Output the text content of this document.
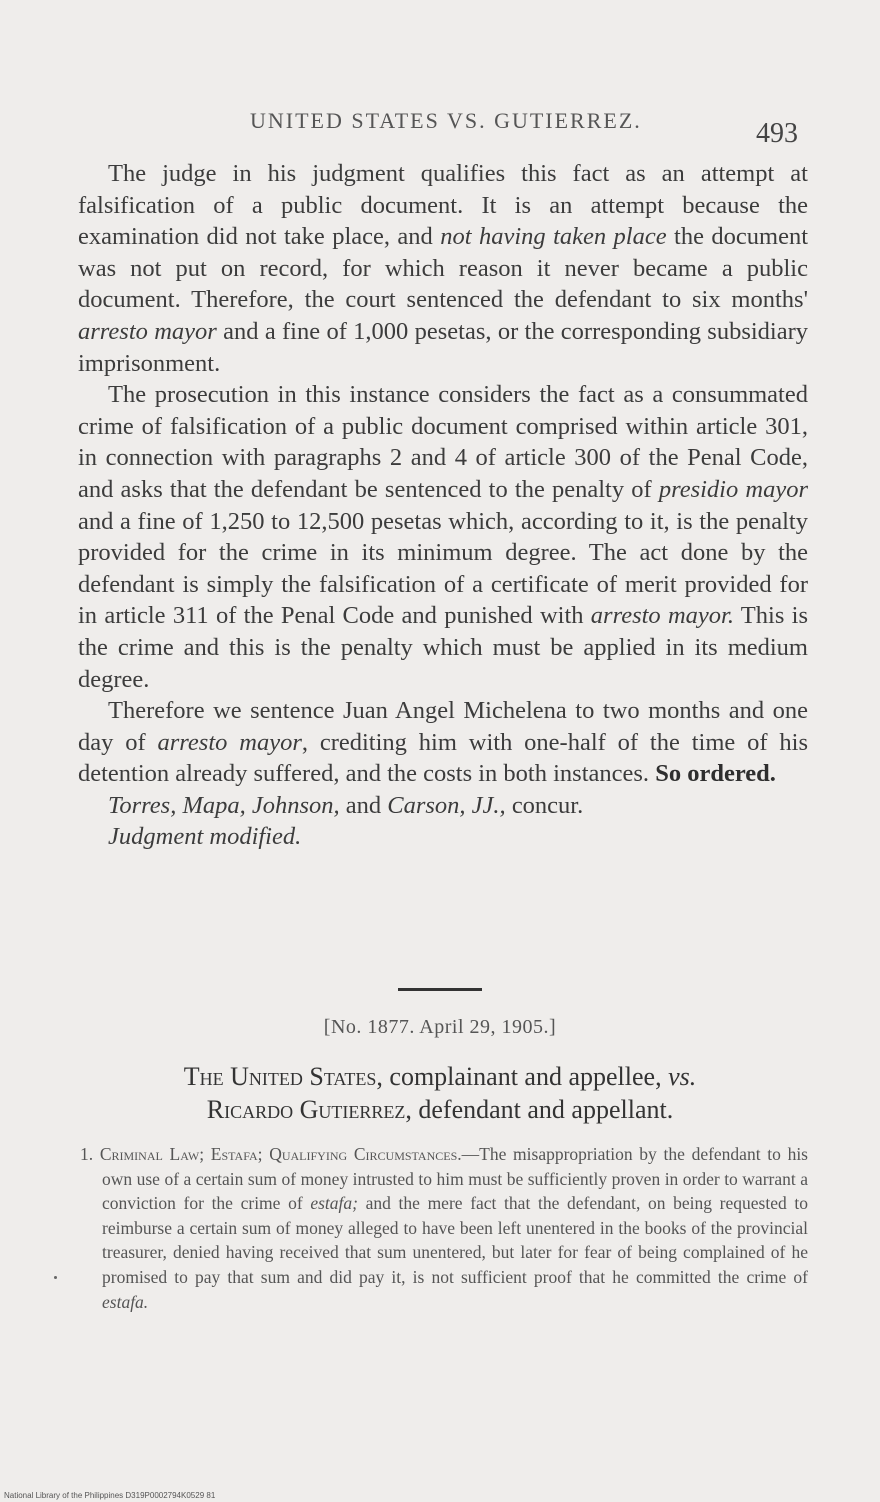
UNITED STATES VS. GUTIERREZ.	493

The judge in his judgment qualifies this fact as an attempt at falsification of a public document. It is an attempt because the examination did not take place, and not having taken place the document was not put on record, for which reason it never became a public document. Therefore, the court sentenced the defendant to six months' arresto mayor and a fine of 1,000 pesetas, or the corresponding subsidiary imprisonment.

The prosecution in this instance considers the fact as a consummated crime of falsification of a public document comprised within article 301, in connection with paragraphs 2 and 4 of article 300 of the Penal Code, and asks that the defendant be sentenced to the penalty of presidio mayor and a fine of 1,250 to 12,500 pesetas which, according to it, is the penalty provided for the crime in its minimum degree. The act done by the defendant is simply the falsification of a certificate of merit provided for in article 311 of the Penal Code and punished with arresto mayor. This is the crime and this is the penalty which must be applied in its medium degree.

Therefore we sentence Juan Angel Michelena to two months and one day of arresto mayor, crediting him with one-half of the time of his detention already suffered, and the costs in both instances. So ordered.

Torres, Mapa, Johnson, and Carson, JJ., concur.

Judgment modified.

[No. 1877. April 29, 1905.]
The United States, complainant and appellee, vs.
Ricardo Gutierrez, defendant and appellant.

1. Criminal Law; Estafa; Qualifying Circumstances.—The misappropriation by the defendant to his own use of a certain sum of money intrusted to him must be sufficiently proven in order to warrant a conviction for the crime of estafa; and the mere fact that the defendant, on being requested to reimburse a certain sum of money alleged to have been left unentered in the books of the provincial treasurer, denied having received that sum unentered, but later for fear of being complained of he promised to pay that sum and did pay it, is not sufficient proof that he committed the crime of estafa.

National Library of the Philippines D319P0002794K0529 81
